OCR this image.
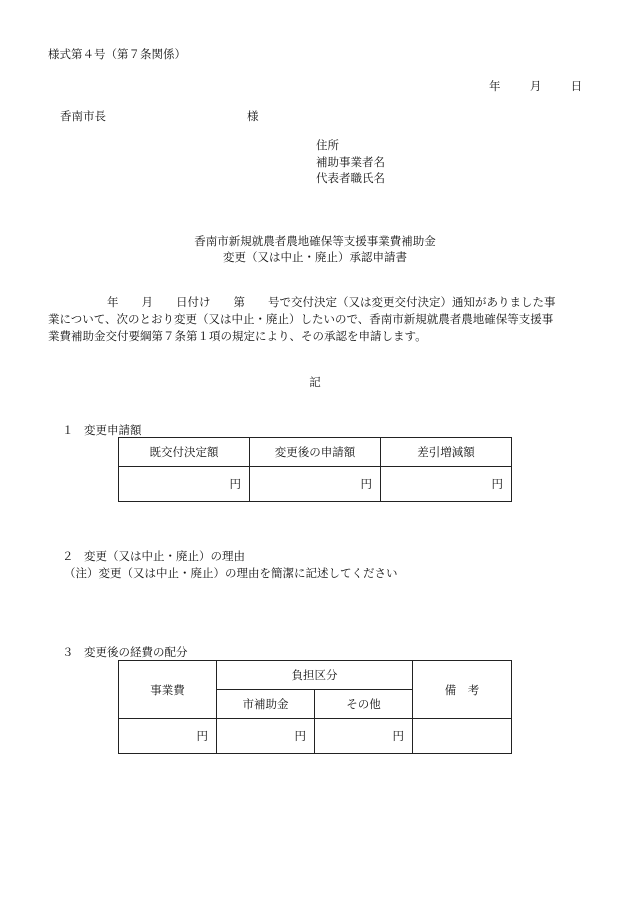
様式第４号（第７条関係）
年	月	日
香南市長	様
住所
補助事業者名
代表者職氏名
香南市新規就農者農地確保等支援事業費補助金
変更（又は中止・廃止）承認申請書
年　　月　　日付け　　第　　号で交付決定（又は変更交付決定）通知がありました事
業について、次のとおり変更（又は中止・廃止）したいので、香南市新規就農者農地確保等支援事
業費補助金交付要綱第７条第１項の規定により、その承認を申請します。
記
１ 変更申請額
既交付決定額	変更後の申請額	差引増減額
円	円	円
２ 変更（又は中止・廃止）の理由
（注）変更（又は中止・廃止）の理由を簡潔に記述してください
３ 変更後の経費の配分
事業費	負担区分		備　考
	市補助金	その他	
円	円	円	
